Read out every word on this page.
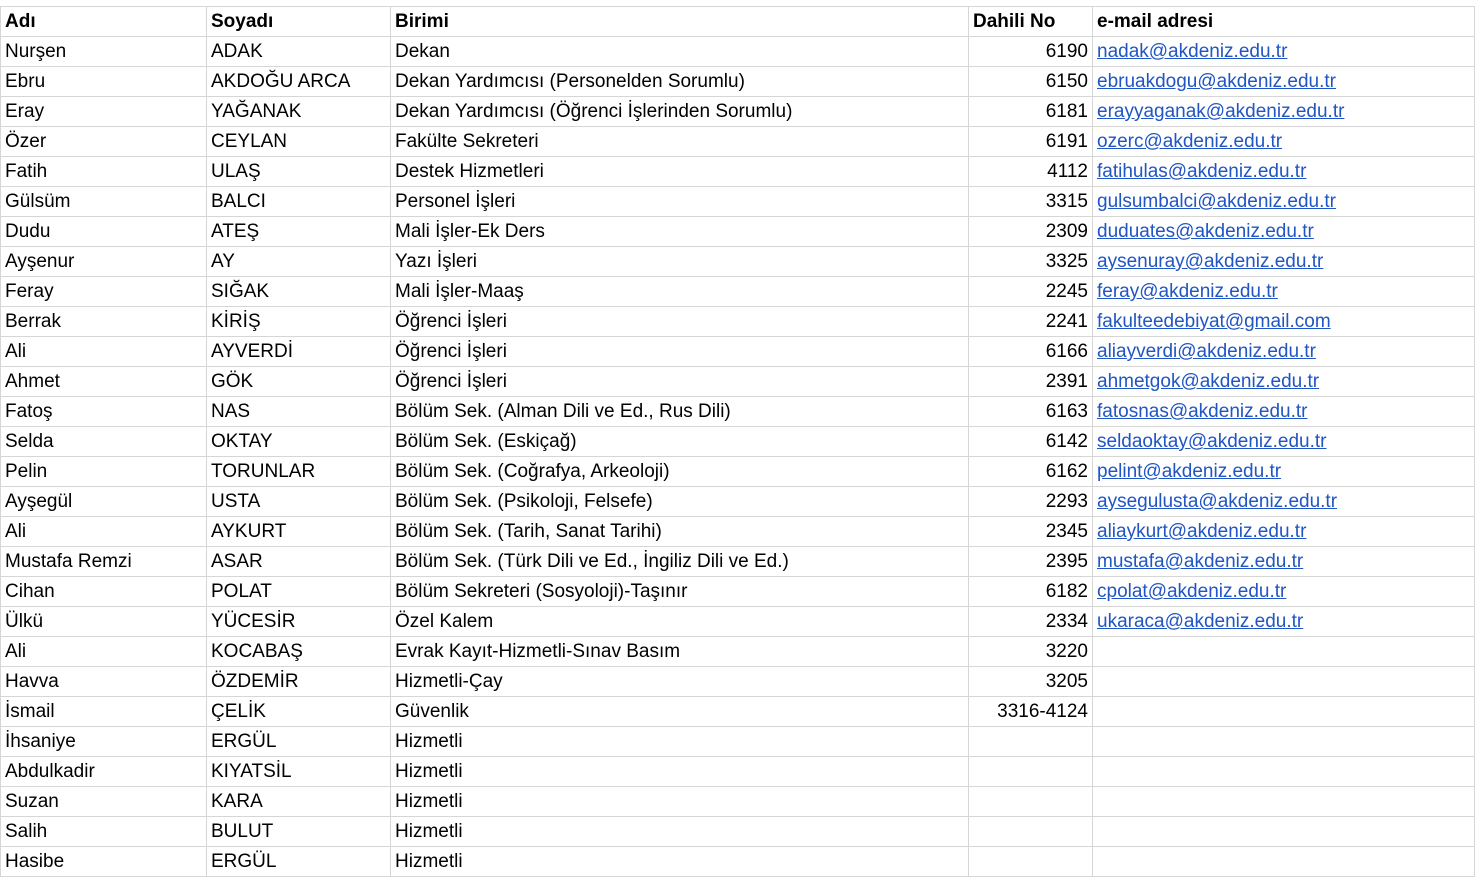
Adı	Soyadı	Birimi	Dahili No	e-mail adresi
Nurşen	ADAK	Dekan	6190	nadak@akdeniz.edu.tr
Ebru	AKDOĞU ARCA	Dekan Yardımcısı (Personelden Sorumlu)	6150	ebruakdogu@akdeniz.edu.tr
Eray	YAĞANAK	Dekan Yardımcısı (Öğrenci İşlerinden Sorumlu)	6181	erayyaganak@akdeniz.edu.tr
Özer	CEYLAN	Fakülte Sekreteri	6191	ozerc@akdeniz.edu.tr
Fatih	ULAŞ	Destek Hizmetleri	4112	fatihulas@akdeniz.edu.tr
Gülsüm	BALCI	Personel İşleri	3315	gulsumbalci@akdeniz.edu.tr
Dudu	ATEŞ	Mali İşler-Ek Ders	2309	duduates@akdeniz.edu.tr
Ayşenur	AY	Yazı İşleri	3325	aysenuray@akdeniz.edu.tr
Feray	SIĞAK	Mali İşler-Maaş	2245	feray@akdeniz.edu.tr
Berrak	KİRİŞ	Öğrenci İşleri	2241	fakulteedebiyat@gmail.com
Ali	AYVERDİ	Öğrenci İşleri	6166	aliayverdi@akdeniz.edu.tr
Ahmet	GÖK	Öğrenci İşleri	2391	ahmetgok@akdeniz.edu.tr
Fatoş	NAS	Bölüm Sek. (Alman Dili ve Ed., Rus Dili)	6163	fatosnas@akdeniz.edu.tr
Selda	OKTAY	Bölüm Sek. (Eskiçağ)	6142	seldaoktay@akdeniz.edu.tr
Pelin	TORUNLAR	Bölüm Sek. (Coğrafya, Arkeoloji)	6162	pelint@akdeniz.edu.tr
Ayşegül	USTA	Bölüm Sek. (Psikoloji, Felsefe)	2293	aysegulusta@akdeniz.edu.tr
Ali	AYKURT	Bölüm Sek. (Tarih, Sanat Tarihi)	2345	aliaykurt@akdeniz.edu.tr
Mustafa Remzi	ASAR	Bölüm Sek. (Türk Dili ve Ed., İngiliz Dili ve Ed.)	2395	mustafa@akdeniz.edu.tr
Cihan	POLAT	Bölüm Sekreteri (Sosyoloji)-Taşınır	6182	cpolat@akdeniz.edu.tr
Ülkü	YÜCESİR	Özel Kalem	2334	ukaraca@akdeniz.edu.tr
Ali	KOCABAŞ	Evrak Kayıt-Hizmetli-Sınav Basım	3220	
Havva	ÖZDEMİR	Hizmetli-Çay	3205	
İsmail	ÇELİK	Güvenlik	3316-4124	
İhsaniye	ERGÜL	Hizmetli		
Abdulkadir	KIYATSİL	Hizmetli		
Suzan	KARA	Hizmetli		
Salih	BULUT	Hizmetli		
Hasibe	ERGÜL	Hizmetli		
